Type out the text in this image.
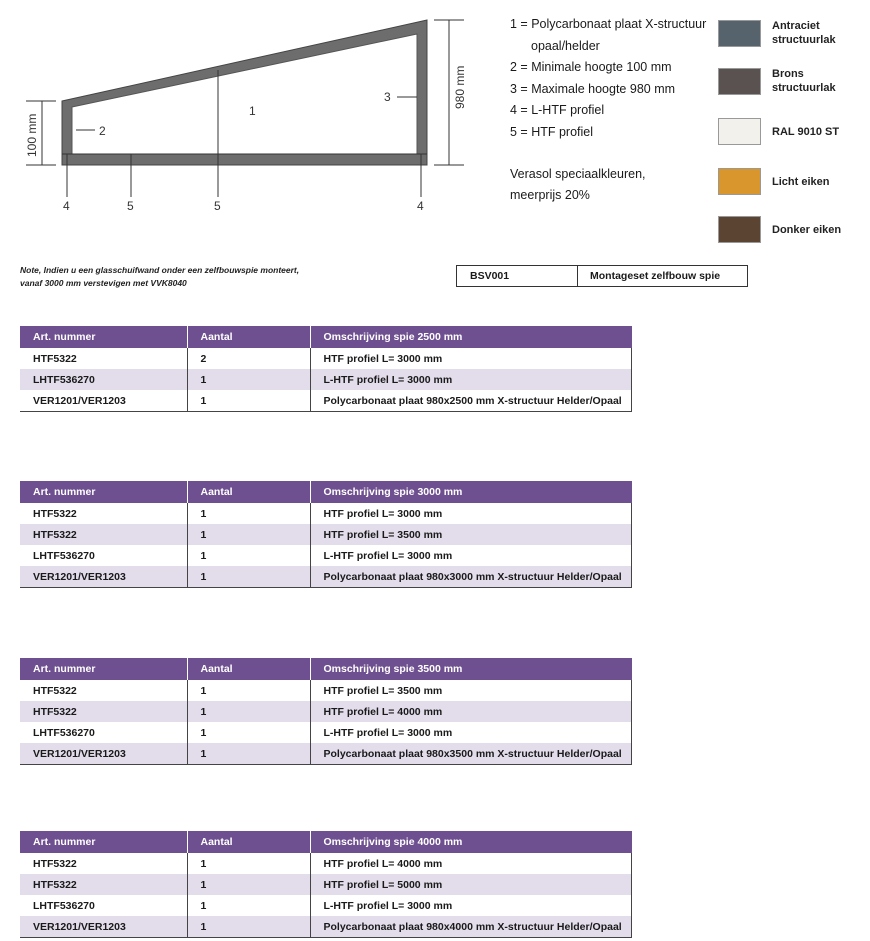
1
2
3
4	5	5	4
100 mm
980 mm
1 = Polycarbonaat plaat X-structuur
opaal/helder
2 = Minimale hoogte 100 mm
3 = Maximale hoogte 980 mm
4 = L-HTF profiel
5 = HTF profiel
Verasol speciaalkleuren,
meerprijs 20%
Antraciet
structuurlak
Brons
structuurlak
RAL 9010 ST
Licht eiken
Donker eiken
Note, Indien u een glasschuifwand onder een zelfbouwspie monteert,
vanaf 3000 mm verstevigen met VVK8040
BSV001	Montageset zelfbouw spie
Art. nummer	Aantal	Omschrijving spie 2500 mm
HTF5322	2	HTF profiel L= 3000 mm
LHTF536270	1	L-HTF profiel L= 3000 mm
VER1201/VER1203	1	Polycarbonaat plaat 980x2500 mm X-structuur Helder/Opaal
Art. nummer	Aantal	Omschrijving spie 3000 mm
HTF5322	1	HTF profiel L= 3000 mm
HTF5322	1	HTF profiel L= 3500 mm
LHTF536270	1	L-HTF profiel L= 3000 mm
VER1201/VER1203	1	Polycarbonaat plaat 980x3000 mm X-structuur Helder/Opaal
Art. nummer	Aantal	Omschrijving spie 3500 mm
HTF5322	1	HTF profiel L= 3500 mm
HTF5322	1	HTF profiel L= 4000 mm
LHTF536270	1	L-HTF profiel L= 3000 mm
VER1201/VER1203	1	Polycarbonaat plaat 980x3500 mm X-structuur Helder/Opaal
Art. nummer	Aantal	Omschrijving spie 4000 mm
HTF5322	1	HTF profiel L= 4000 mm
HTF5322	1	HTF profiel L= 5000 mm
LHTF536270	1	L-HTF profiel L= 3000 mm
VER1201/VER1203	1	Polycarbonaat plaat 980x4000 mm X-structuur Helder/Opaal
